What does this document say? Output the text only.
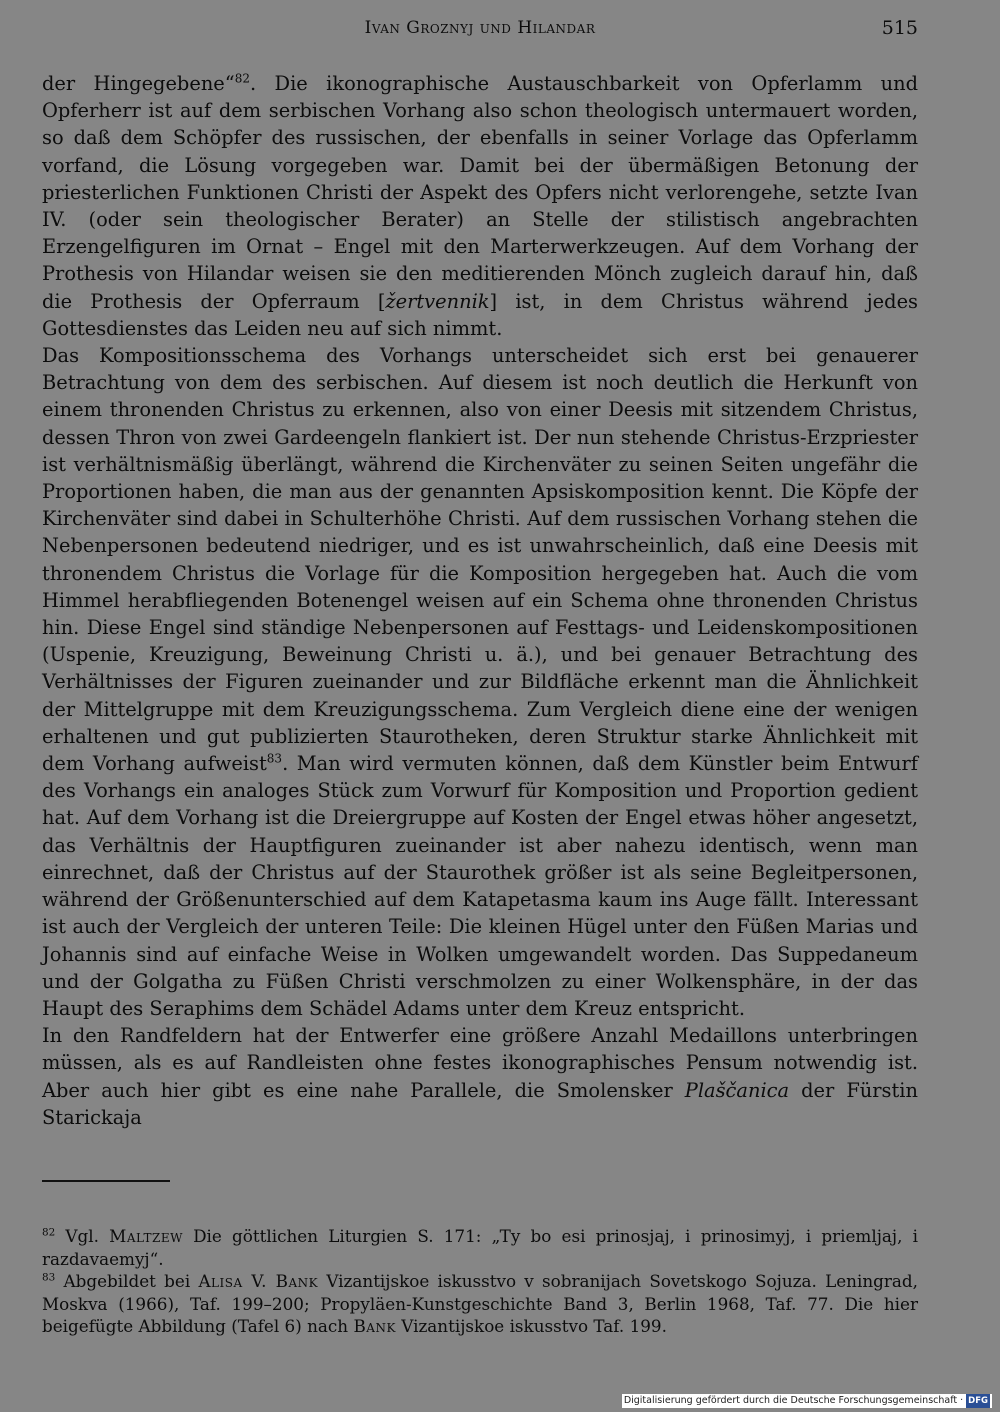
Ivan Groznyj und Hilandar	515

der Hingegebene“$^{82}$. Die ikonographische Austauschbarkeit von Opferlamm und Opferherr ist auf dem serbischen Vorhang also schon theologisch untermauert worden, so daß dem Schöpfer des russischen, der ebenfalls in seiner Vorlage das Opferlamm vorfand, die Lösung vorgegeben war. Damit bei der übermäßigen Betonung der priesterlichen Funktionen Christi der Aspekt des Opfers nicht verlorengehe, setzte Ivan IV. (oder sein theologischer Berater) an Stelle der stilistisch angebrachten Erzengelfiguren im Ornat – Engel mit den Marterwerkzeugen. Auf dem Vorhang der Prothesis von Hilandar weisen sie den meditierenden Mönch zugleich darauf hin, daß die Prothesis der Opferraum [žertvennik] ist, in dem Christus während jedes Gottesdienstes das Leiden neu auf sich nimmt.

Das Kompositionsschema des Vorhangs unterscheidet sich erst bei genauerer Betrachtung von dem des serbischen. Auf diesem ist noch deutlich die Herkunft von einem thronenden Christus zu erkennen, also von einer Deesis mit sitzendem Christus, dessen Thron von zwei Gardeengeln flankiert ist. Der nun stehende Christus-Erzpriester ist verhältnismäßig überlängt, während die Kirchenväter zu seinen Seiten ungefähr die Proportionen haben, die man aus der genannten Apsiskomposition kennt. Die Köpfe der Kirchenväter sind dabei in Schulterhöhe Christi. Auf dem russischen Vorhang stehen die Nebenpersonen bedeutend niedriger, und es ist unwahrscheinlich, daß eine Deesis mit thronendem Christus die Vorlage für die Komposition hergegeben hat. Auch die vom Himmel herabfliegenden Botenengel weisen auf ein Schema ohne thronenden Christus hin. Diese Engel sind ständige Nebenpersonen auf Festtags- und Leidenskompositionen (Uspenie, Kreuzigung, Beweinung Christi u. ä.), und bei genauer Betrachtung des Verhältnisses der Figuren zueinander und zur Bildfläche erkennt man die Ähnlichkeit der Mittelgruppe mit dem Kreuzigungsschema. Zum Vergleich diene eine der wenigen erhaltenen und gut publizierten Staurotheken, deren Struktur starke Ähnlichkeit mit dem Vorhang aufweist$^{83}$. Man wird vermuten können, daß dem Künstler beim Entwurf des Vorhangs ein analoges Stück zum Vorwurf für Komposition und Proportion gedient hat. Auf dem Vorhang ist die Dreiergruppe auf Kosten der Engel etwas höher angesetzt, das Verhältnis der Hauptfiguren zueinander ist aber nahezu identisch, wenn man einrechnet, daß der Christus auf der Staurothek größer ist als seine Begleitpersonen, während der Größenunterschied auf dem Katapetasma kaum ins Auge fällt. Interessant ist auch der Vergleich der unteren Teile: Die kleinen Hügel unter den Füßen Marias und Johannis sind auf einfache Weise in Wolken umgewandelt worden. Das Suppedaneum und der Golgatha zu Füßen Christi verschmolzen zu einer Wolkensphäre, in der das Haupt des Seraphims dem Schädel Adams unter dem Kreuz entspricht.

In den Randfeldern hat der Entwerfer eine größere Anzahl Medaillons unterbringen müssen, als es auf Randleisten ohne festes ikonographisches Pensum notwendig ist. Aber auch hier gibt es eine nahe Parallele, die Smolensker Plaščanica der Fürstin Starickaja

$^{82}$ Vgl. Maltzew Die göttlichen Liturgien S. 171: „Ty bo esi prinosjaj, i prinosimyj, i priemljaj, i razdavaemyj“.

$^{83}$ Abgebildet bei Alisa V. Bank Vizantijskoe iskusstvo v sobranijach Sovetskogo Sojuza. Leningrad, Moskva (1966), Taf. 199–200; Propyläen-Kunstgeschichte Band 3, Berlin 1968, Taf. 77. Die hier beigefügte Abbildung (Tafel 6) nach Bank Vizantijskoe iskusstvo Taf. 199.

Digitalisierung gefördert durch die Deutsche Forschungsgemeinschaft · DFG
